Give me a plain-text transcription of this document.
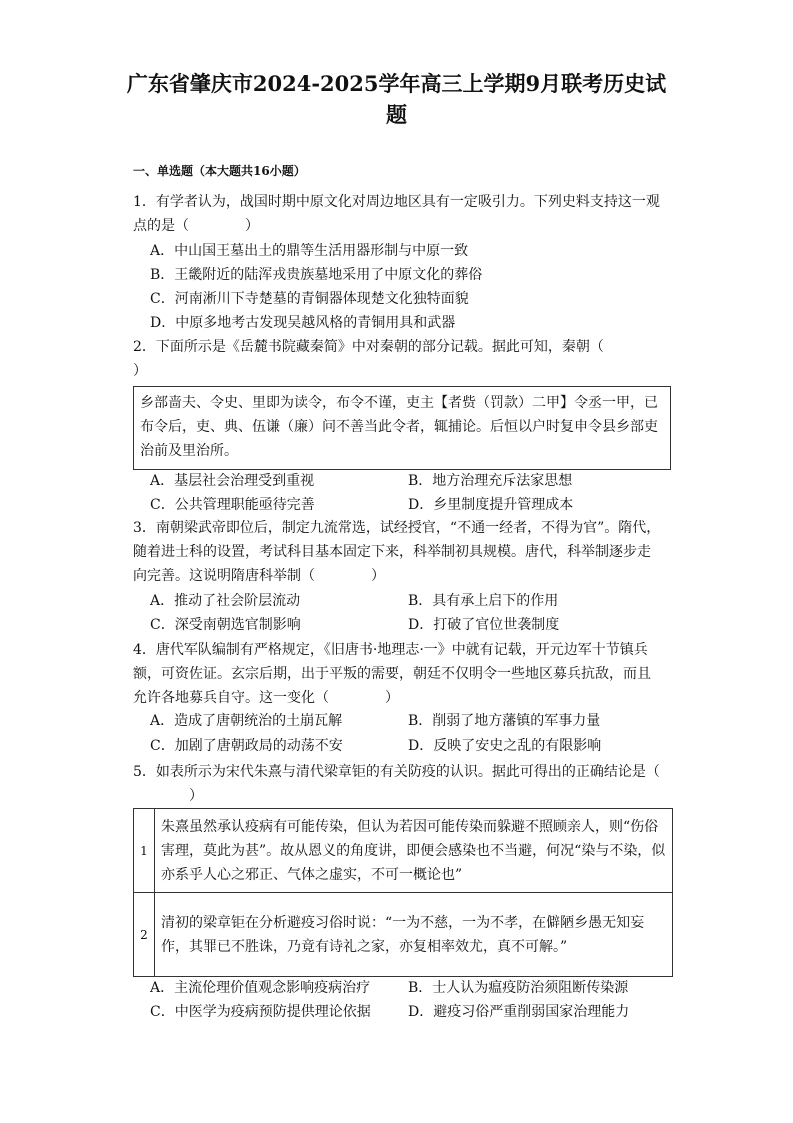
广东省肇庆市2024-2025学年高三上学期9月联考历史试题
一、单选题（本大题共16小题）
1．有学者认为，战国时期中原文化对周边地区具有一定吸引力。下列史料支持这一观点的是（	）
A．中山国王墓出土的鼎等生活用器形制与中原一致
B．王畿附近的陆浑戎贵族墓地采用了中原文化的葬俗
C．河南淅川下寺楚墓的青铜器体现楚文化独特面貌
D．中原多地考古发现吴越风格的青铜用具和武器
2．下面所示是《岳麓书院藏秦简》中对秦朝的部分记载。据此可知，秦朝（）
乡部啬夫、令史、里即为读令，布令不谨，吏主【者赀（罚款）二甲】令丞一甲，已布令后，吏、典、伍谦（廉）问不善当此令者，辄捕论。后恒以户时复申令县乡部吏治前及里治所。
A．基层社会治理受到重视	B．地方治理充斥法家思想
C．公共管理职能亟待完善	D．乡里制度提升管理成本
3．南朝梁武帝即位后，制定九流常选，试经授官，“不通一经者，不得为官”。隋代，随着进士科的设置，考试科目基本固定下来，科举制初具规模。唐代，科举制逐步走向完善。这说明隋唐科举制（	）
A．推动了社会阶层流动	B．具有承上启下的作用
C．深受南朝选官制影响	D．打破了官位世袭制度
4．唐代军队编制有严格规定，《旧唐书·地理志·一》中就有记载，开元边军十节镇兵额，可资佐证。玄宗后期，出于平叛的需要，朝廷不仅明令一些地区募兵抗敌，而且允许各地募兵自守。这一变化（	）
A．造成了唐朝统治的土崩瓦解	B．削弱了地方藩镇的军事力量
C．加剧了唐朝政局的动荡不安	D．反映了安史之乱的有限影响
5．如表所示为宋代朱熹与清代梁章钜的有关防疫的认识。据此可得出的正确结论是（）
1	朱熹虽然承认疫病有可能传染，但认为若因可能传染而躲避不照顾亲人，则“伤俗害理，莫此为甚”。故从恩义的角度讲，即便会感染也不当避，何况“染与不染，似亦系乎人心之邪正、气体之虚实，不可一概论也”
2	清初的梁章钜在分析避疫习俗时说：“一为不慈，一为不孝，在僻陋乡愚无知妄作，其罪已不胜诛，乃竟有诗礼之家，亦复相率效尤，真不可解。”
A．主流伦理价值观念影响疫病治疗	B．士人认为瘟疫防治须阻断传染源
C．中医学为疫病预防提供理论依据	D．避疫习俗严重削弱国家治理能力
